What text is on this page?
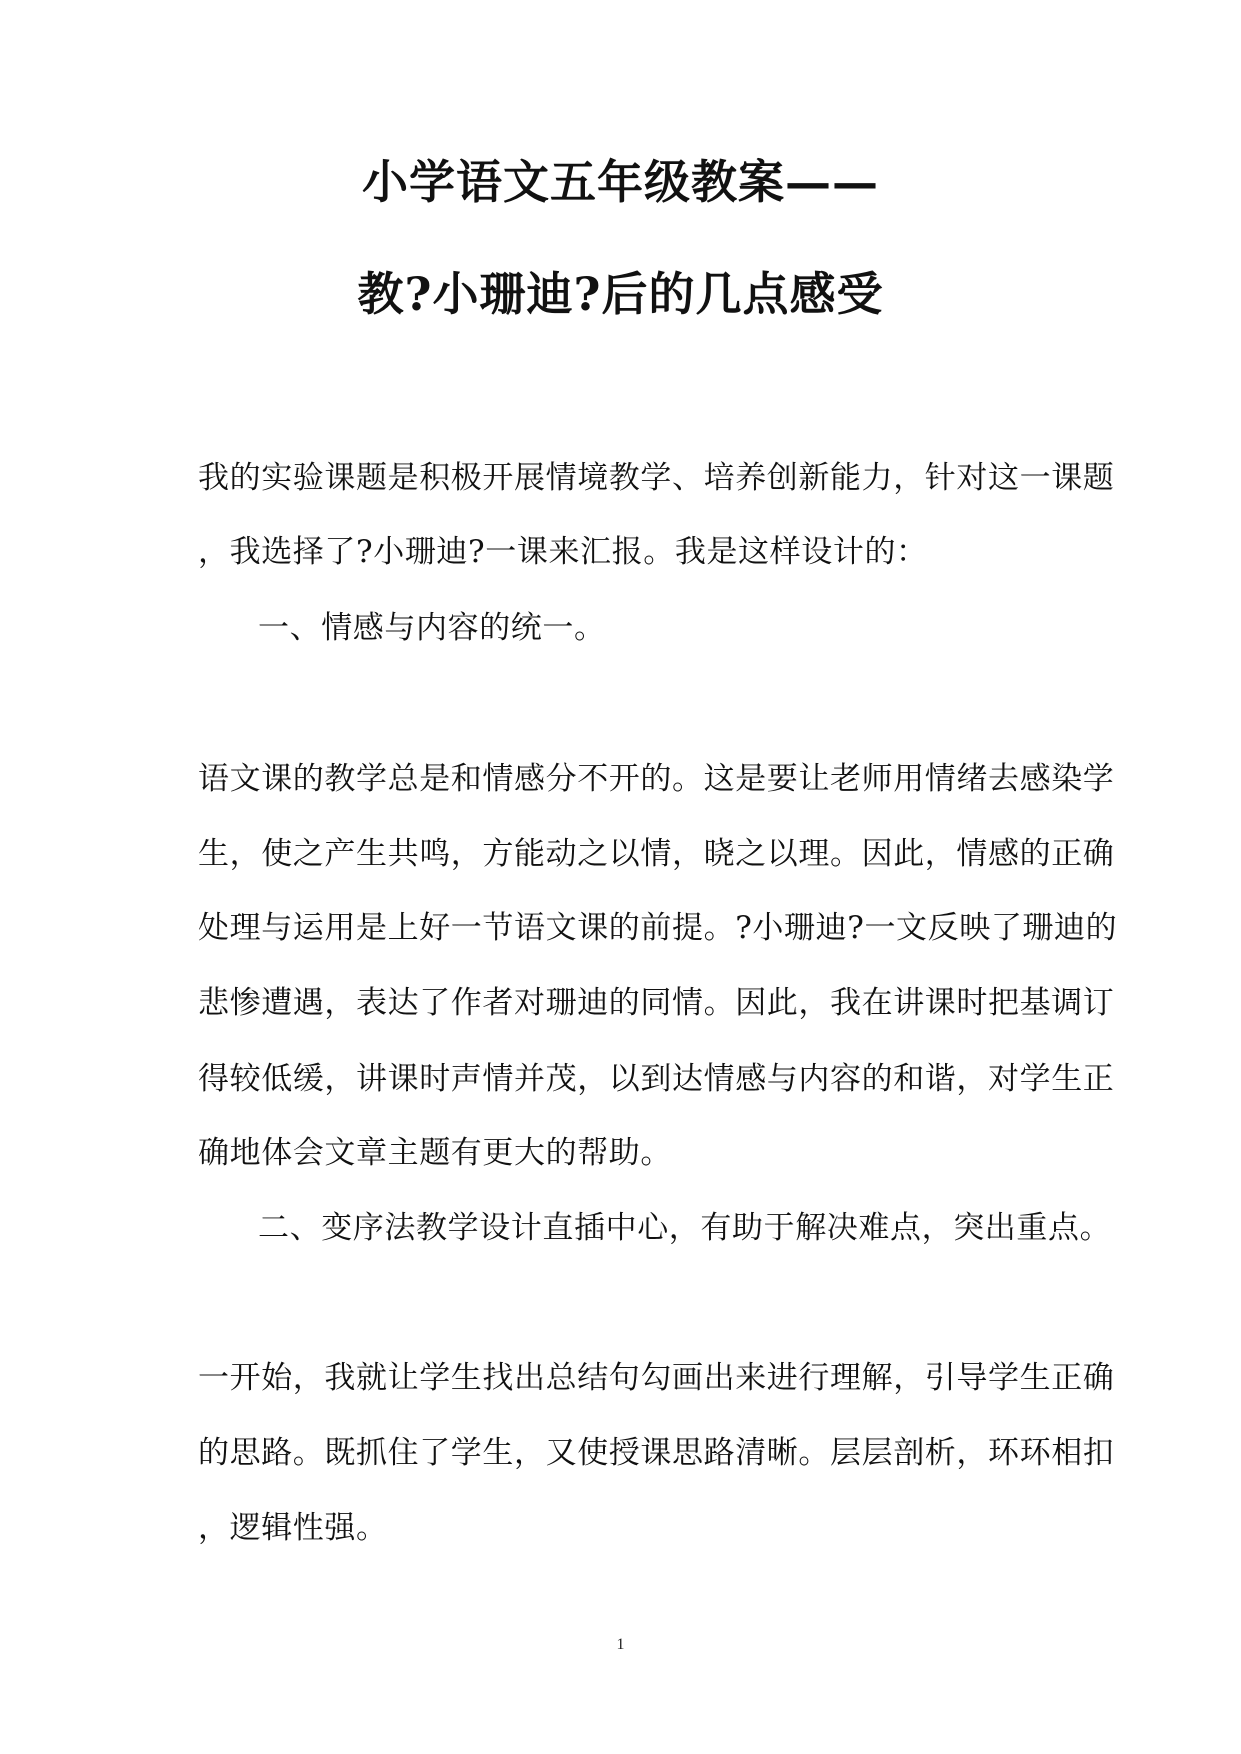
小学语文五年级教案——
教?小珊迪?后的几点感受
我的实验课题是积极开展情境教学、培养创新能力，针对这一课题
，我选择了?小珊迪?一课来汇报。我是这样设计的：
一、情感与内容的统一。
语文课的教学总是和情感分不开的。这是要让老师用情绪去感染学
生，使之产生共鸣，方能动之以情，晓之以理。因此，情感的正确
处理与运用是上好一节语文课的前提。?小珊迪?一文反映了珊迪的
悲惨遭遇，表达了作者对珊迪的同情。因此，我在讲课时把基调订
得较低缓，讲课时声情并茂，以到达情感与内容的和谐，对学生正
确地体会文章主题有更大的帮助。
二、变序法教学设计直插中心，有助于解决难点，突出重点。
一开始，我就让学生找出总结句勾画出来进行理解，引导学生正确
的思路。既抓住了学生，又使授课思路清晰。层层剖析，环环相扣
，逻辑性强。
1
